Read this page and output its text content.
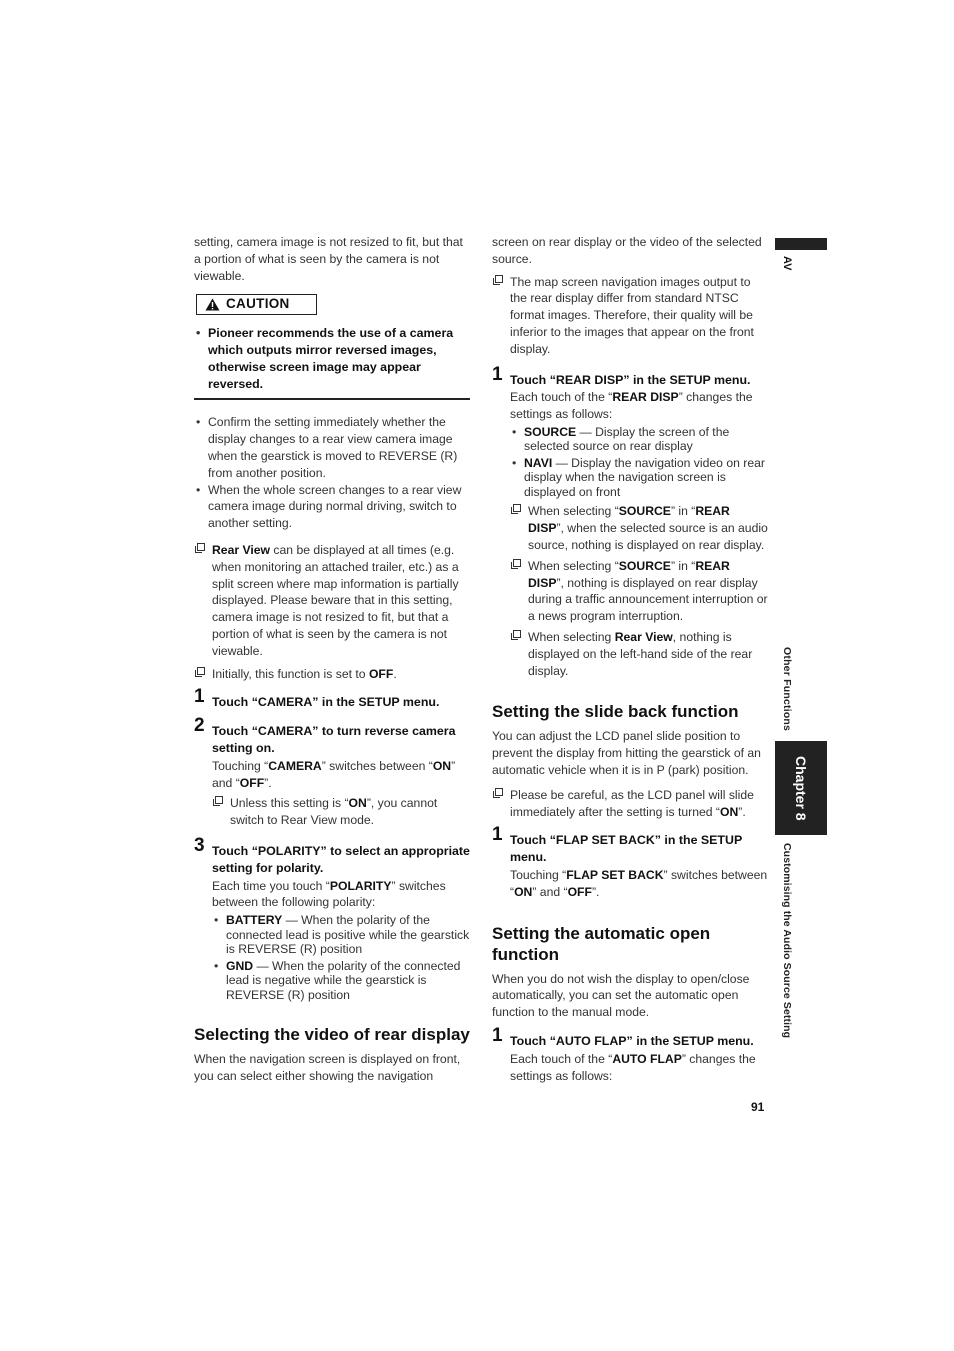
setting, camera image is not resized to fit, but that a portion of what is seen by the camera is not viewable.

CAUTION
• Pioneer recommends the use of a camera which outputs mirror reversed images, otherwise screen image may appear reversed.
• Confirm the setting immediately whether the display changes to a rear view camera image when the gearstick is moved to REVERSE (R) from another position.
• When the whole screen changes to a rear view camera image during normal driving, switch to another setting.
Rear View can be displayed at all times (e.g. when monitoring an attached trailer, etc.) as a split screen where map information is partially displayed. Please beware that in this setting, camera image is not resized to fit, but that a portion of what is seen by the camera is not viewable.
Initially, this function is set to OFF.
1 Touch “CAMERA” in the SETUP menu.
2 Touch “CAMERA” to turn reverse camera setting on.
Touching “CAMERA” switches between “ON” and “OFF”.
Unless this setting is “ON”, you cannot switch to Rear View mode.
3 Touch “POLARITY” to select an appropriate setting for polarity.
Each time you touch “POLARITY” switches between the following polarity:
• BATTERY — When the polarity of the connected lead is positive while the gearstick is REVERSE (R) position
• GND — When the polarity of the connected lead is negative while the gearstick is REVERSE (R) position
Selecting the video of rear display

When the navigation screen is displayed on front, you can select either showing the navigation

screen on rear display or the video of the selected source.

The map screen navigation images output to the rear display differ from standard NTSC format images. Therefore, their quality will be inferior to the images that appear on the front display.
1 Touch “REAR DISP” in the SETUP menu.
Each touch of the “REAR DISP” changes the settings as follows:
• SOURCE — Display the screen of the selected source on rear display
• NAVI — Display the navigation video on rear display when the navigation screen is displayed on front
When selecting “SOURCE” in “REAR DISP”, when the selected source is an audio source, nothing is displayed on rear display.
When selecting “SOURCE” in “REAR DISP”, nothing is displayed on rear display during a traffic announcement interruption or a news program interruption.
When selecting Rear View, nothing is displayed on the left-hand side of the rear display.
Setting the slide back function

You can adjust the LCD panel slide position to prevent the display from hitting the gearstick of an automatic vehicle when it is in P (park) position.

Please be careful, as the LCD panel will slide immediately after the setting is turned “ON”.
1 Touch “FLAP SET BACK” in the SETUP menu.
Touching “FLAP SET BACK” switches between “ON” and “OFF”.
Setting the automatic open function

When you do not wish the display to open/close automatically, you can set the automatic open function to the manual mode.

1 Touch “AUTO FLAP” in the SETUP menu.
Each touch of the “AUTO FLAP” changes the settings as follows:
AV
Other Functions
Chapter 8
Customising the Audio Source Setting
91
